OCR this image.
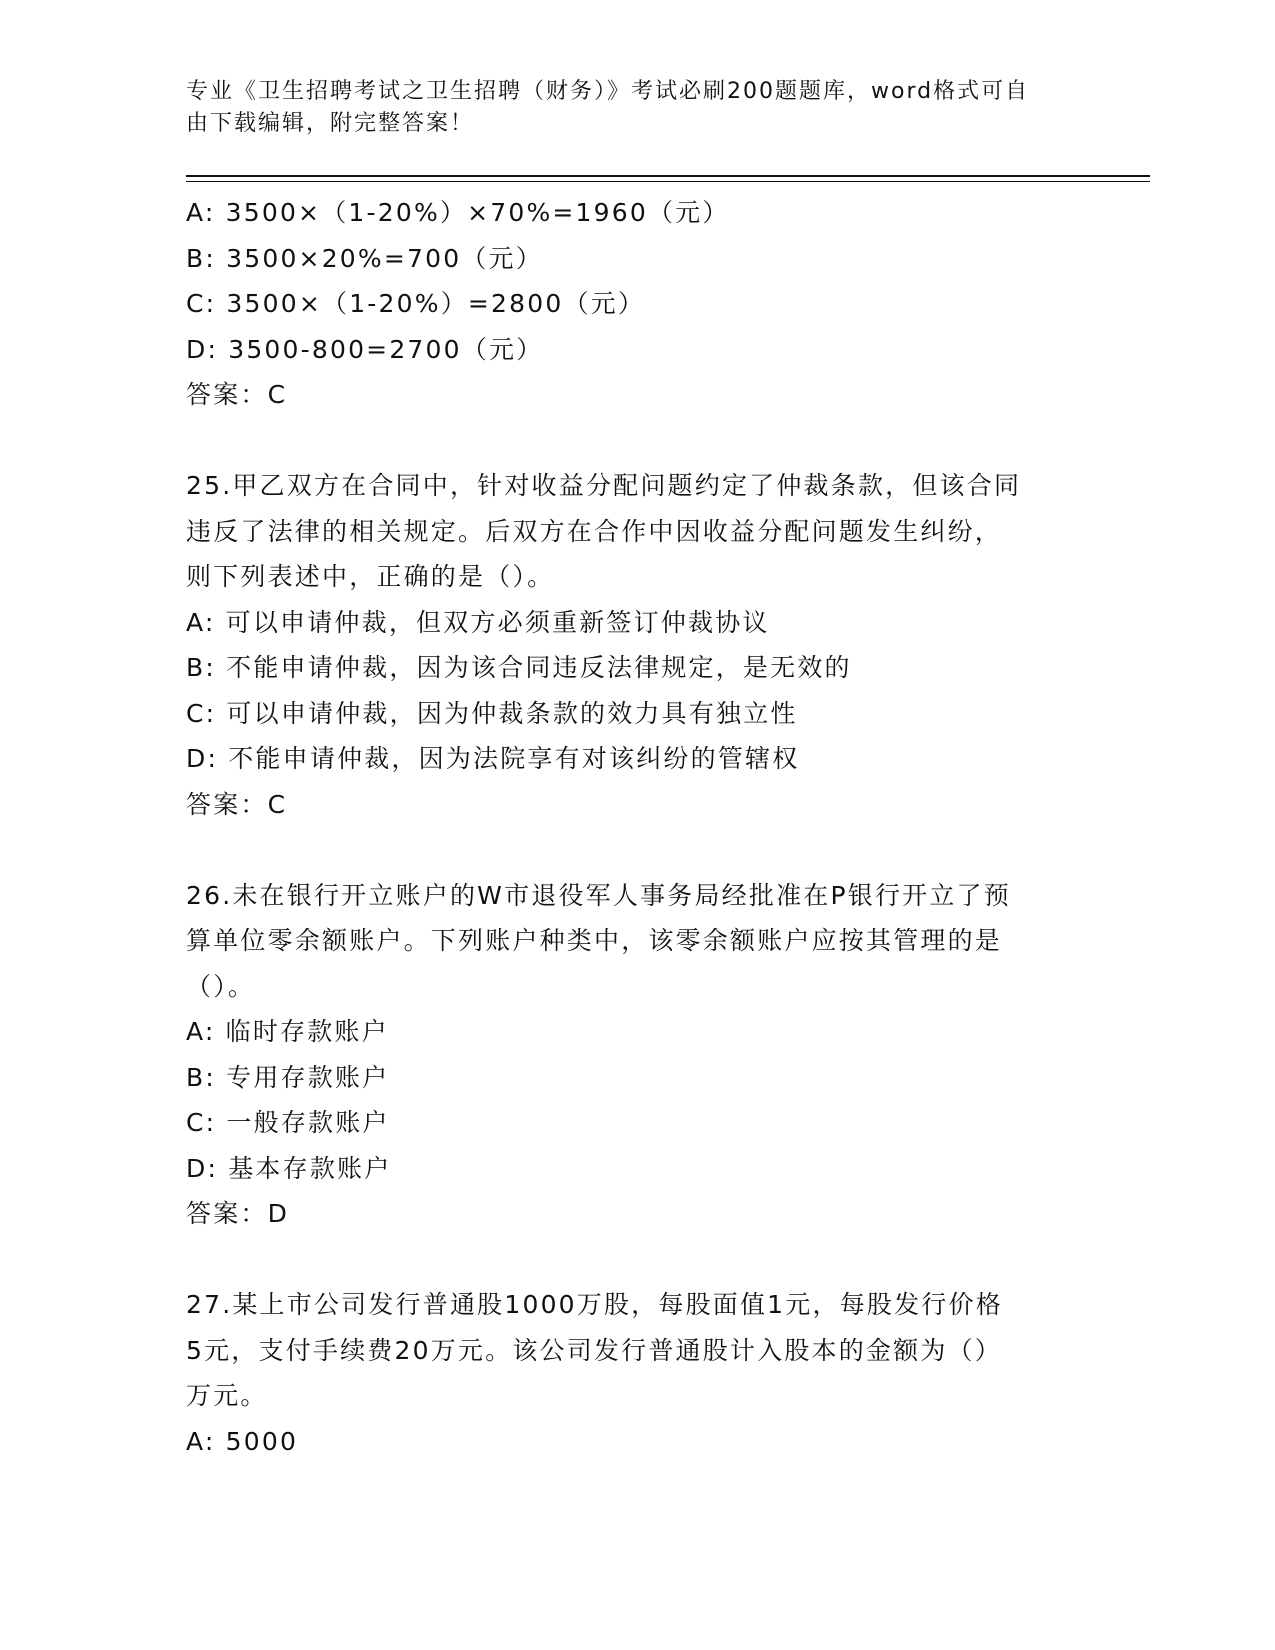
专业《卫生招聘考试之卫生招聘（财务）》考试必刷200题题库，word格式可自
由下载编辑，附完整答案！
A: 3500×（1-20%）×70%=1960（元）
B: 3500×20%=700（元）
C: 3500×（1-20%）=2800（元）
D: 3500-800=2700（元）
答案：C
25.甲乙双方在合同中，针对收益分配问题约定了仲裁条款，但该合同
违反了法律的相关规定。后双方在合作中因收益分配问题发生纠纷，
则下列表述中，正确的是（）。
A: 可以申请仲裁，但双方必须重新签订仲裁协议
B: 不能申请仲裁，因为该合同违反法律规定，是无效的
C: 可以申请仲裁，因为仲裁条款的效力具有独立性
D: 不能申请仲裁，因为法院享有对该纠纷的管辖权
答案：C
26.未在银行开立账户的W市退役军人事务局经批准在P银行开立了预
算单位零余额账户。下列账户种类中，该零余额账户应按其管理的是
（）。
A: 临时存款账户
B: 专用存款账户
C: 一般存款账户
D: 基本存款账户
答案：D
27.某上市公司发行普通股1000万股，每股面值1元，每股发行价格
5元，支付手续费20万元。该公司发行普通股计入股本的金额为（）
万元。
A: 5000
